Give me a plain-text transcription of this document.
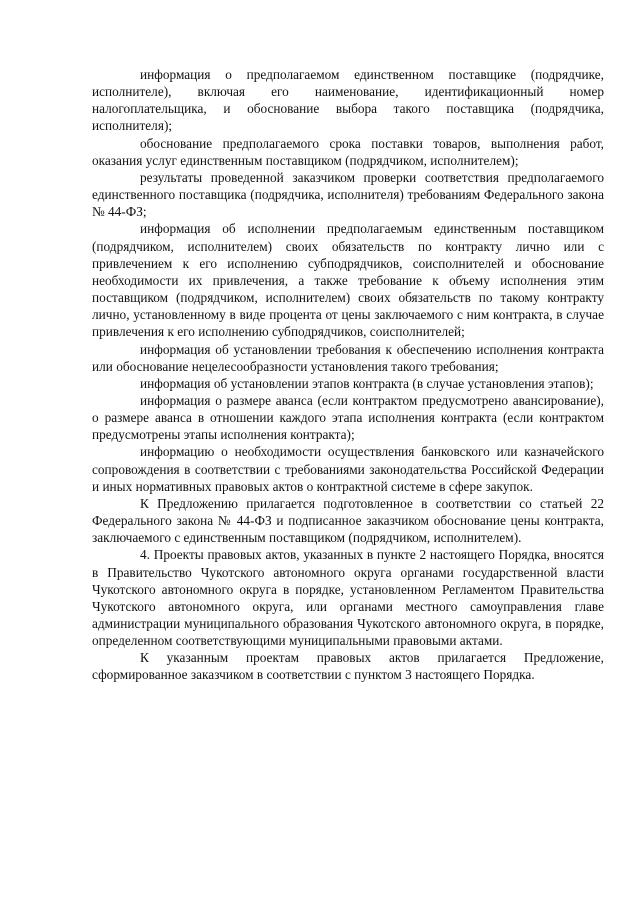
информация о предполагаемом единственном поставщике (подрядчике, исполнителе), включая его наименование, идентификационный номер налогоплательщика, и обоснование выбора такого поставщика (подрядчика, исполнителя);

обоснование предполагаемого срока поставки товаров, выполнения работ, оказания услуг единственным поставщиком (подрядчиком, исполнителем);

результаты проведенной заказчиком проверки соответствия предполагаемого единственного поставщика (подрядчика, исполнителя) требованиям Федерального закона № 44-ФЗ;

информация об исполнении предполагаемым единственным поставщиком (подрядчиком, исполнителем) своих обязательств по контракту лично или с привлечением к его исполнению субподрядчиков, соисполнителей и обоснование необходимости их привлечения, а также требование к объему исполнения этим поставщиком (подрядчиком, исполнителем) своих обязательств по такому контракту лично, установленному в виде процента от цены заключаемого с ним контракта, в случае привлечения к его исполнению субподрядчиков, соисполнителей;

информация об установлении требования к обеспечению исполнения контракта или обоснование нецелесообразности установления такого требования;

информация об установлении этапов контракта (в случае установления этапов);

информация о размере аванса (если контрактом предусмотрено авансирование), о размере аванса в отношении каждого этапа исполнения контракта (если контрактом предусмотрены этапы исполнения контракта);

информацию о необходимости осуществления банковского или казначейского сопровождения в соответствии с требованиями законодательства Российской Федерации и иных нормативных правовых актов о контрактной системе в сфере закупок.

К Предложению прилагается подготовленное в соответствии со статьей 22 Федерального закона № 44-ФЗ и подписанное заказчиком обоснование цены контракта, заключаемого с единственным поставщиком (подрядчиком, исполнителем).

4. Проекты правовых актов, указанных в пункте 2 настоящего Порядка, вносятся в Правительство Чукотского автономного округа органами государственной власти Чукотского автономного округа в порядке, установленном Регламентом Правительства Чукотского автономного округа, или органами местного самоуправления главе администрации муниципального образования Чукотского автономного округа, в порядке, определенном соответствующими муниципальными правовыми актами.

К указанным проектам правовых актов прилагается Предложение, сформированное заказчиком в соответствии с пунктом 3 настоящего Порядка.
